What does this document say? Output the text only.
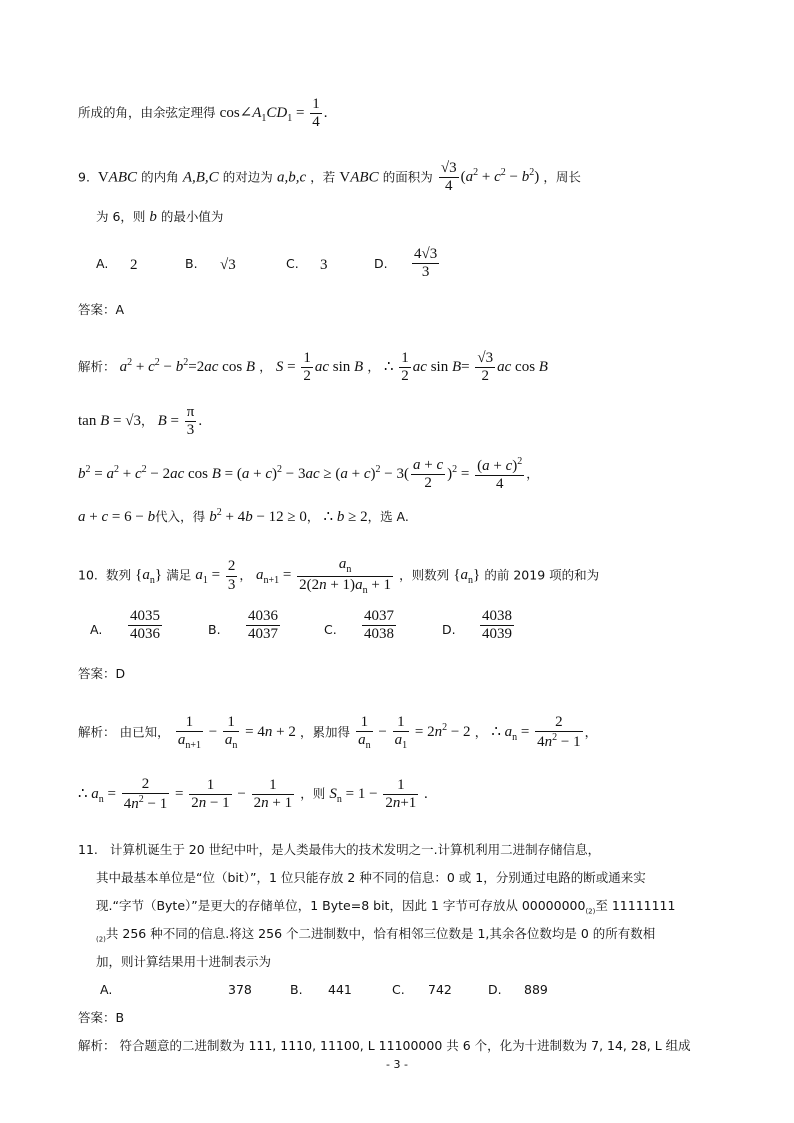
所成的角，由余弦定理得 $\cos\angle A_1CD_1 = \frac{1}{4}$ .
9.  VABC 的内角 A,B,C 的对边为 a,b,c ，若 VABC 的面积为 $\frac{√3}{4} (a^2 + c^2 - b^2)$ ，周长
为 6，则 b 的最小值为
A. 2	B. √3	C. 3	D. $\frac{4√3}{3}$
答案：A
解析： $a^2 + c^2 - b^2=2ac$ cos B ， $S = \frac{1}{2}$ ac sin B ， ∴ $\frac{1}{2}$ ac $\sin B= \frac{√3}{2}$ ac cos B
tan B = √3， $B = \frac{\pi}{3}$ .
$b^2 = a^2 + c^2 - 2ac$ $\cos B = (a + c)^2 - 3ac \ge (a + c)^2 - 3( \frac{a + c}{2} )^2 = \frac{(a + c)^2}{4}$ ，
a + c = 6 − b代入，得 $b^2 + 4b - 12 \ge 0$， ∴ b ≥ 2，选 A.
10.  数列 $\{a_n\}$ 满足 $a_1 = \frac{2}{3}$ ， $a_{n+1} = \frac{a_n}{2(2n + 1)a_n + 1}$ ，则数列 $\{a_n\}$ 的前 2019 项的和为
A. $\frac{4035}{4036}$	B. $\frac{4036}{4037}$	C. $\frac{4037}{4038}$	D. $\frac{4038}{4039}$
答案：D
解析： 由已知， $\frac{1}{a_{n+1}} - \frac{1}{a_n} = 4n + 2$ ，累加得 $\frac{1}{a_n} - \frac{1}{a_1} = 2n^2 - 2$ ， ∴ $a_n = \frac{2}{4n^2 - 1}$ ，
∴ $a_n = \frac{2}{4n^2 - 1} = \frac{1}{2n - 1} - \frac{1}{2n + 1}$ ，则 $S_n = 1 - \frac{1}{2n+1}$ .
11. 计算机诞生于 20 世纪中叶，是人类最伟大的技术发明之一.计算机利用二进制存储信息，
其中最基本单位是“位（bit）”，1 位只能存放 2 种不同的信息：0 或 1，分别通过电路的断或通来实
现.“字节（Byte）”是更大的存储单位，1 Byte=8 bit，因此 1 字节可存放从 $00000000_{(2)}$至 11111111
$_{(2)}$共 256 种不同的信息.将这 256 个二进制数中，恰有相邻三位数是 1,其余各位数均是 0 的所有数相
加，则计算结果用十进制表示为
A.	378	B. 441	C. 742	D. 889
答案：B
解析： 符合题意的二进制数为 111, 1110, 11100, L 11100000 共 6 个，化为十进制数为 7, 14, 28, L 组成
- 3 -
